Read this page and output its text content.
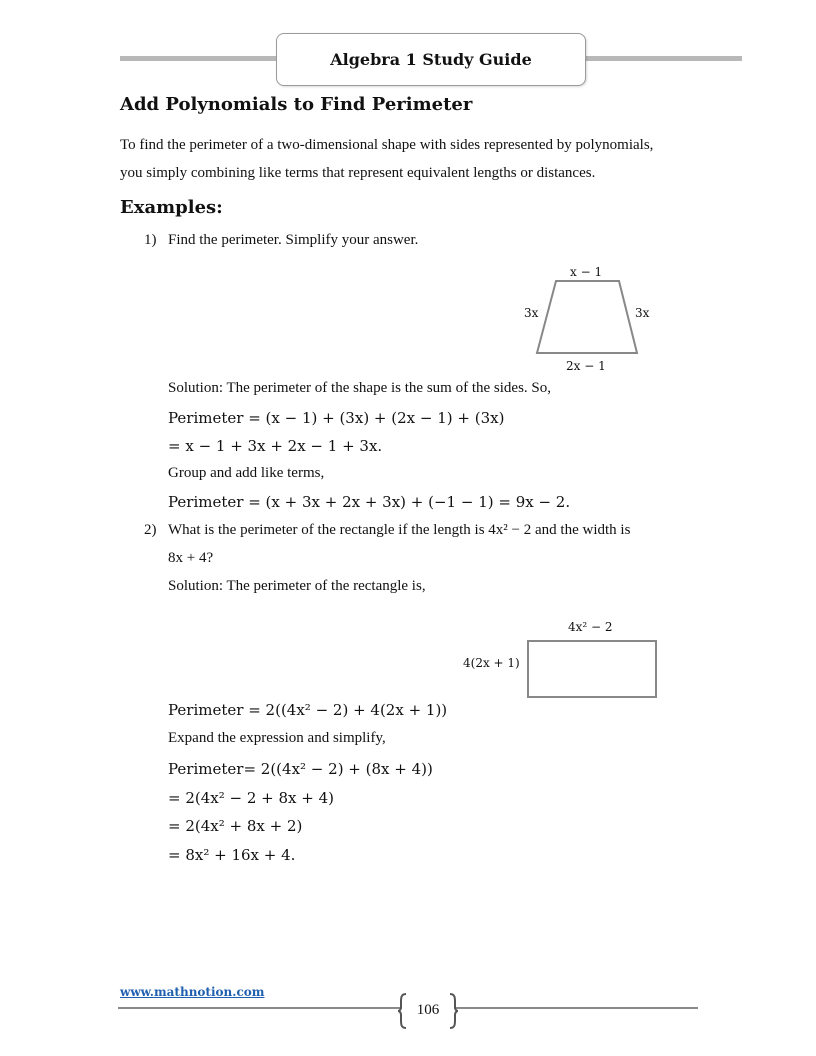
Algebra 1 Study Guide
Add Polynomials to Find Perimeter
To find the perimeter of a two-dimensional shape with sides represented by polynomials,
you simply combining like terms that represent equivalent lengths or distances.
Examples:
1) Find the perimeter. Simplify your answer.
x − 1
3x	3x
2x − 1
Solution: The perimeter of the shape is the sum of the sides. So,
Perimeter = (x − 1) + (3x) + (2x − 1) + (3x)
= x − 1 + 3x + 2x − 1 + 3x.
Group and add like terms,
Perimeter = (x + 3x + 2x + 3x) + (−1 − 1) = 9x − 2.
2) What is the perimeter of the rectangle if the length is 4x² − 2 and the width is
8x + 4?
Solution: The perimeter of the rectangle is,
4x² − 2
4(2x + 1)
Perimeter = 2((4x² − 2) + 4(2x + 1))
Expand the expression and simplify,
Perimeter= 2((4x² − 2) + (8x + 4))
= 2(4x² − 2 + 8x + 4)
= 2(4x² + 8x + 2)
= 8x² + 16x + 4.
www.mathnotion.com
106
